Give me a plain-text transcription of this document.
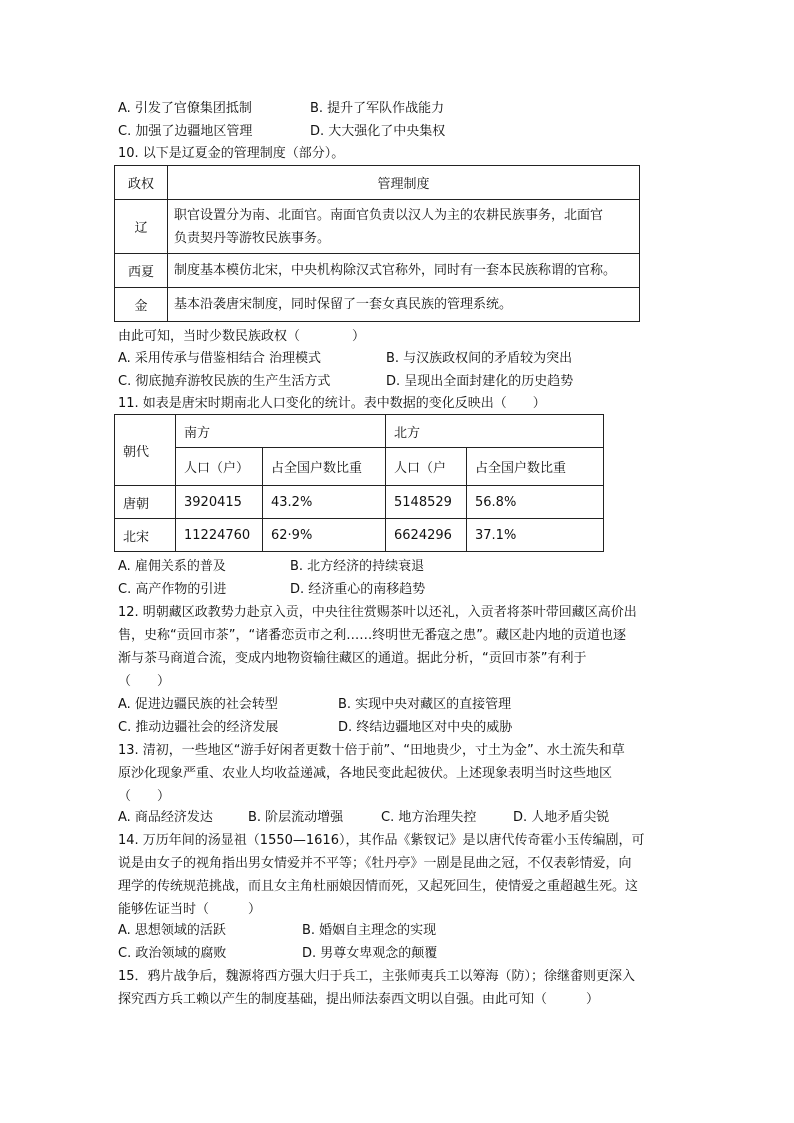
A. 引发了官僚集团抵制	B. 提升了军队作战能力
C. 加强了边疆地区管理	D. 大大强化了中央集权
10. 以下是辽夏金的管理制度（部分）。
政权	管理制度
辽	职官设置分为南、北面官。南面官负责以汉人为主的农耕民族事务，北面官
负责契丹等游牧民族事务。

西夏	制度基本模仿北宋，中央机构除汉式官称外，同时有一套本民族称谓的官称。
金	基本沿袭唐宋制度，同时保留了一套女真民族的管理系统。
由此可知，当时少数民族政权（　　　　）
A. 采用传承与借鉴相结合 治理模式	B. 与汉族政权间的矛盾较为突出
C. 彻底抛弃游牧民族的生产生活方式	D. 呈现出全面封建化的历史趋势
11. 如表是唐宋时期南北人口变化的统计。表中数据的变化反映出（　　）
朝代	南方		北方	
	人口（户）	占全国户数比重	人口（户	占全国户数比重
唐朝	3920415	43.2%	5148529	56.8%
北宋	11224760	62·9%	6624296	37.1%
A. 雇佣关系的普及	B. 北方经济的持续衰退
C. 高产作物的引进	D. 经济重心的南移趋势
12. 明朝藏区政教势力赴京入贡，中央往往赏赐茶叶以还礼，入贡者将茶叶带回藏区高价出
售，史称“贡回市茶”，“诸番恋贡市之利……终明世无番寇之患”。藏区赴内地的贡道也逐
渐与茶马商道合流，变成内地物资输往藏区的通道。据此分析，“贡回市茶”有利于
（　　）
A. 促进边疆民族的社会转型	B. 实现中央对藏区的直接管理
C. 推动边疆社会的经济发展	D. 终结边疆地区对中央的威胁
13. 清初，一些地区“游手好闲者更数十倍于前”、“田地贵少，寸土为金”、水土流失和草
原沙化现象严重、农业人均收益递减，各地民变此起彼伏。上述现象表明当时这些地区
（　　）
A. 商品经济发达	B. 阶层流动增强	C. 地方治理失控	D. 人地矛盾尖锐
14. 万历年间的汤显祖（1550—1616），其作品《紫钗记》是以唐代传奇霍小玉传编剧，可
说是由女子的视角指出男女情爱并不平等；《牡丹亭》一剧是昆曲之冠，不仅表彰情爱，向
理学的传统规范挑战，而且女主角杜丽娘因情而死，又起死回生，使情爱之重超越生死。这
能够佐证当时（　　　）
A. 思想领域的活跃	B. 婚姻自主理念的实现
C. 政治领域的腐败	D. 男尊女卑观念的颠覆
15．鸦片战争后，魏源将西方强大归于兵工，主张师夷兵工以筹海（防）；徐继畬则更深入
探究西方兵工赖以产生的制度基础，提出师法泰西文明以自强。由此可知（　　　）
